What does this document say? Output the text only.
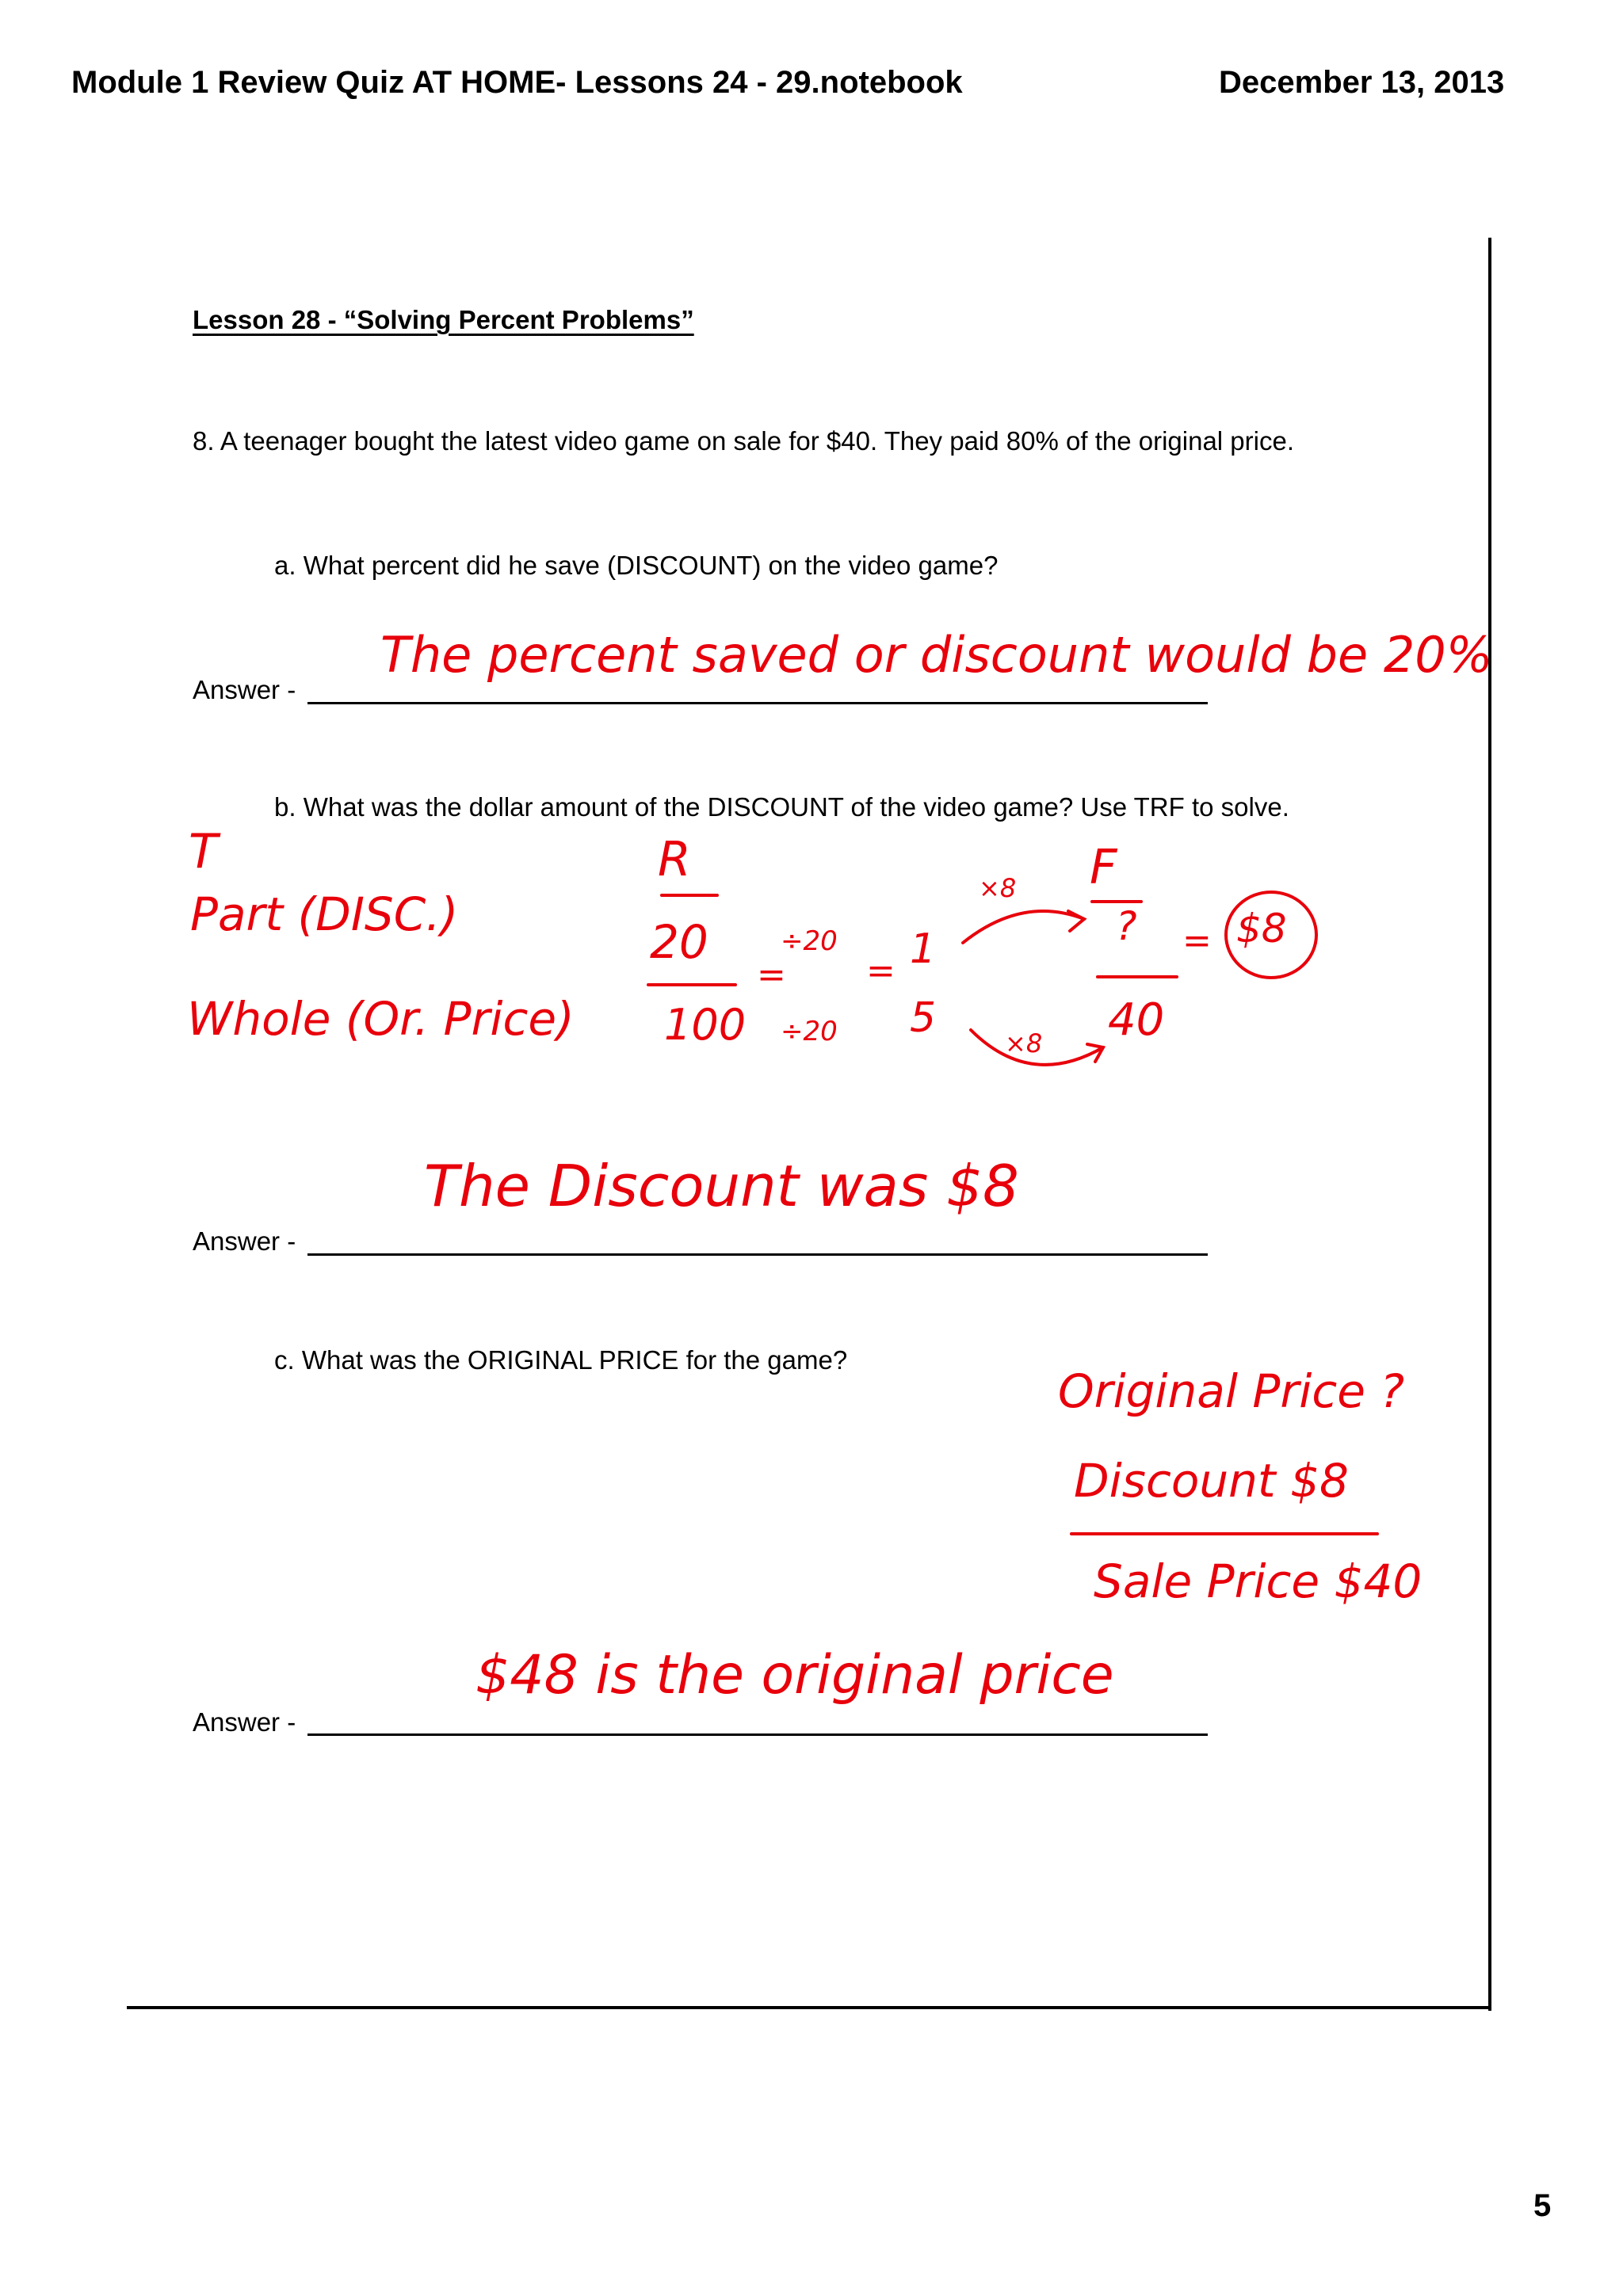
Module 1 Review Quiz AT HOME- Lessons 24 - 29.notebook	December 13, 2013
Lesson 28 - “Solving Percent Problems”
8. A teenager bought the latest video game on sale for $40. They paid 80% of the original price.
a. What percent did he save (DISCOUNT) on the video game?
Answer -
The percent saved or discount would be 20%
b. What was the dollar amount of the DISCOUNT of the video game? Use TRF to solve.
T
Part (DISC.)
Whole (Or. Price)
R
20
100
÷20
÷20
= = 1
5
×8
×8
F
?
40
= $8
Answer -
The Discount was $8
c. What was the ORIGINAL PRICE for the game?
Original Price ?
Discount $8
Sale Price $40
Answer -
$48 is the original price
5
